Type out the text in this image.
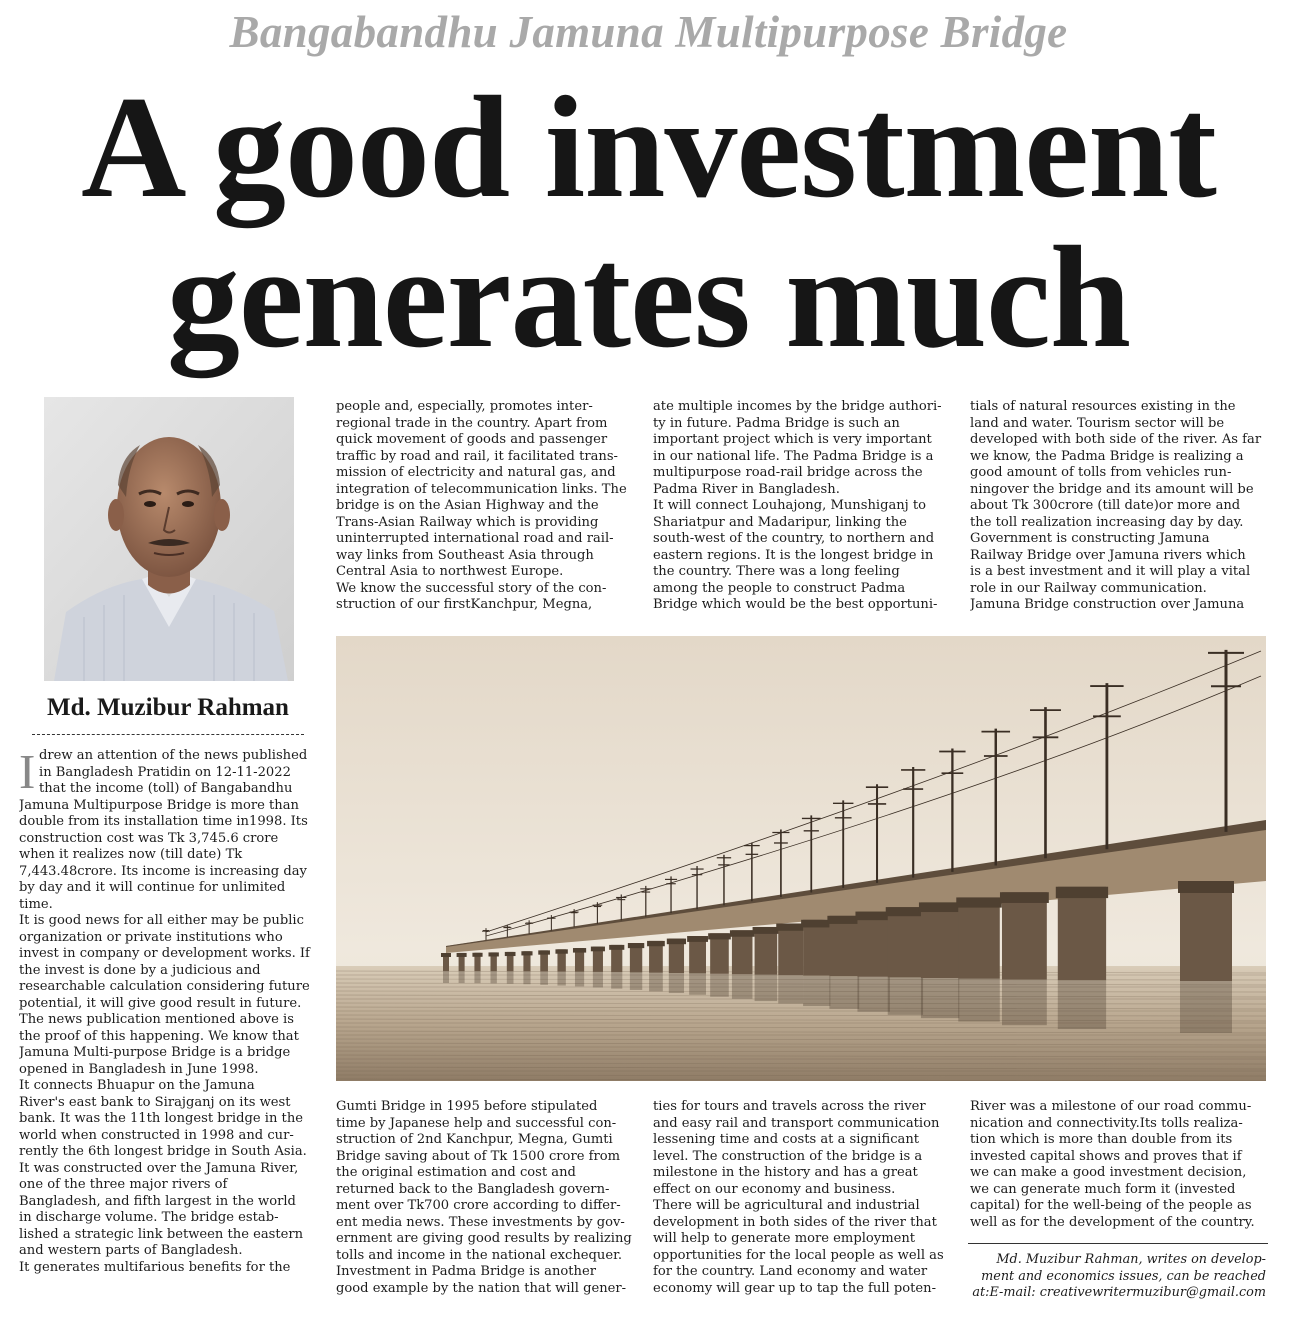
Bangabandhu Jamuna Multipurpose Bridge
A good investment
generates much
Md. Muzibur Rahman
I drew an attention of the news published
in Bangladesh Pratidin on 12-11-2022
that the income (toll) of Bangabandhu
Jamuna Multipurpose Bridge is more than
double from its installation time in1998. Its
construction cost was Tk 3,745.6 crore
when it realizes now (till date) Tk
7,443.48crore. Its income is increasing day
by day and it will continue for unlimited
time.
It is good news for all either may be public
organization or private institutions who
invest in company or development works. If
the invest is done by a judicious and
researchable calculation considering future
potential, it will give good result in future.
The news publication mentioned above is
the proof of this happening. We know that
Jamuna Multi-purpose Bridge is a bridge
opened in Bangladesh in June 1998.
It connects Bhuapur on the Jamuna
River's east bank to Sirajganj on its west
bank. It was the 11th longest bridge in the
world when constructed in 1998 and cur-
rently the 6th longest bridge in South Asia.
It was constructed over the Jamuna River,
one of the three major rivers of
Bangladesh, and fifth largest in the world
in discharge volume. The bridge estab-
lished a strategic link between the eastern
and western parts of Bangladesh.
It generates multifarious benefits for the
people and, especially, promotes inter-
regional trade in the country. Apart from
quick movement of goods and passenger
traffic by road and rail, it facilitated trans-
mission of electricity and natural gas, and
integration of telecommunication links. The
bridge is on the Asian Highway and the
Trans-Asian Railway which is providing
uninterrupted international road and rail-
way links from Southeast Asia through
Central Asia to northwest Europe.
We know the successful story of the con-
struction of our firstKanchpur, Megna,
ate multiple incomes by the bridge authori-
ty in future. Padma Bridge is such an
important project which is very important
in our national life. The Padma Bridge is a
multipurpose road-rail bridge across the
Padma River in Bangladesh.
It will connect Louhajong, Munshiganj to
Shariatpur and Madaripur, linking the
south-west of the country, to northern and
eastern regions. It is the longest bridge in
the country. There was a long feeling
among the people to construct Padma
Bridge which would be the best opportuni-
tials of natural resources existing in the
land and water. Tourism sector will be
developed with both side of the river. As far
we know, the Padma Bridge is realizing a
good amount of tolls from vehicles run-
ningover the bridge and its amount will be
about Tk 300crore (till date)or more and
the toll realization increasing day by day.
Government is constructing Jamuna
Railway Bridge over Jamuna rivers which
is a best investment and it will play a vital
role in our Railway communication.
Jamuna Bridge construction over Jamuna
Gumti Bridge in 1995 before stipulated
time by Japanese help and successful con-
struction of 2nd Kanchpur, Megna, Gumti
Bridge saving about of Tk 1500 crore from
the original estimation and cost and
returned back to the Bangladesh govern-
ment over Tk700 crore according to differ-
ent media news. These investments by gov-
ernment are giving good results by realizing
tolls and income in the national exchequer.
Investment in Padma Bridge is another
good example by the nation that will gener-
ties for tours and travels across the river
and easy rail and transport communication
lessening time and costs at a significant
level. The construction of the bridge is a
milestone in the history and has a great
effect on our economy and business.
There will be agricultural and industrial
development in both sides of the river that
will help to generate more employment
opportunities for the local people as well as
for the country. Land economy and water
economy will gear up to tap the full poten-
River was a milestone of our road commu-
nication and connectivity.Its tolls realiza-
tion which is more than double from its
invested capital shows and proves that if
we can make a good investment decision,
we can generate much form it (invested
capital) for the well-being of the people as
well as for the development of the country.
Md. Muzibur Rahman, writes on develop-
ment and economics issues, can be reached
at:E-mail: creativewritermuzibur@gmail.com
